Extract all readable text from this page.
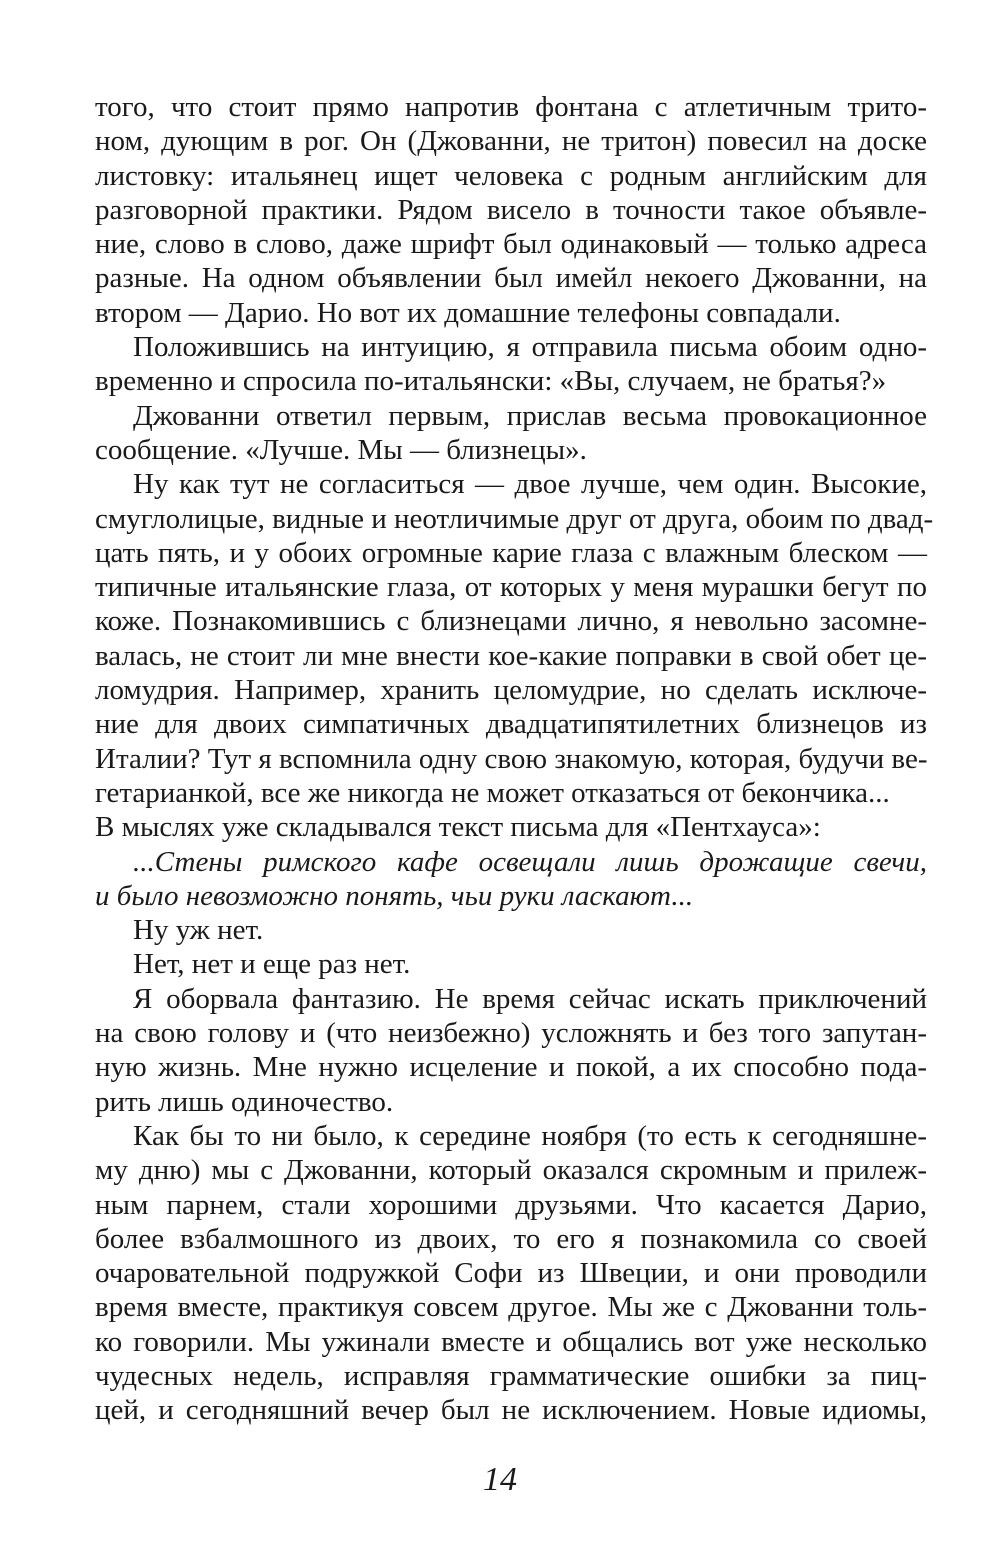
того, что стоит прямо напротив фонтана с атлетичным трито-
ном, дующим в рог. Он (Джованни, не тритон) повесил на доске
листовку: итальянец ищет человека с родным английским для
разговорной практики. Рядом висело в точности такое объявле-
ние, слово в слово, даже шрифт был одинаковый — только адреса
разные. На одном объявлении был имейл некоего Джованни, на
втором — Дарио. Но вот их домашние телефоны совпадали.
Положившись на интуицию, я отправила письма обоим одно-
временно и спросила по-итальянски: «Вы, случаем, не братья?»
Джованни ответил первым, прислав весьма провокационное
сообщение. «Лучше. Мы — близнецы».
Ну как тут не согласиться — двое лучше, чем один. Высокие,
смуглолицые, видные и неотличимые друг от друга, обоим по двад-
цать пять, и у обоих огромные карие глаза с влажным блеском —
типичные итальянские глаза, от которых у меня мурашки бегут по
коже. Познакомившись с близнецами лично, я невольно засомне-
валась, не стоит ли мне внести кое-какие поправки в свой обет це-
ломудрия. Например, хранить целомудрие, но сделать исключе-
ние для двоих симпатичных двадцатипятилетних близнецов из
Италии? Тут я вспомнила одну свою знакомую, которая, будучи ве-
гетарианкой, все же никогда не может отказаться от бекончика...
В мыслях уже складывался текст письма для «Пентхауса»:
...Стены римского кафе освещали лишь дрожащие свечи,
и было невозможно понять, чьи руки ласкают...
Ну уж нет.
Нет, нет и еще раз нет.
Я оборвала фантазию. Не время сейчас искать приключений
на свою голову и (что неизбежно) усложнять и без того запутан-
ную жизнь. Мне нужно исцеление и покой, а их способно пода-
рить лишь одиночество.
Как бы то ни было, к середине ноября (то есть к сегодняшне-
му дню) мы с Джованни, который оказался скромным и прилеж-
ным парнем, стали хорошими друзьями. Что касается Дарио,
более взбалмошного из двоих, то его я познакомила со своей
очаровательной подружкой Софи из Швеции, и они проводили
время вместе, практикуя совсем другое. Мы же с Джованни толь-
ко говорили. Мы ужинали вместе и общались вот уже несколько
чудесных недель, исправляя грамматические ошибки за пиц-
цей, и сегодняшний вечер был не исключением. Новые идиомы,
14
